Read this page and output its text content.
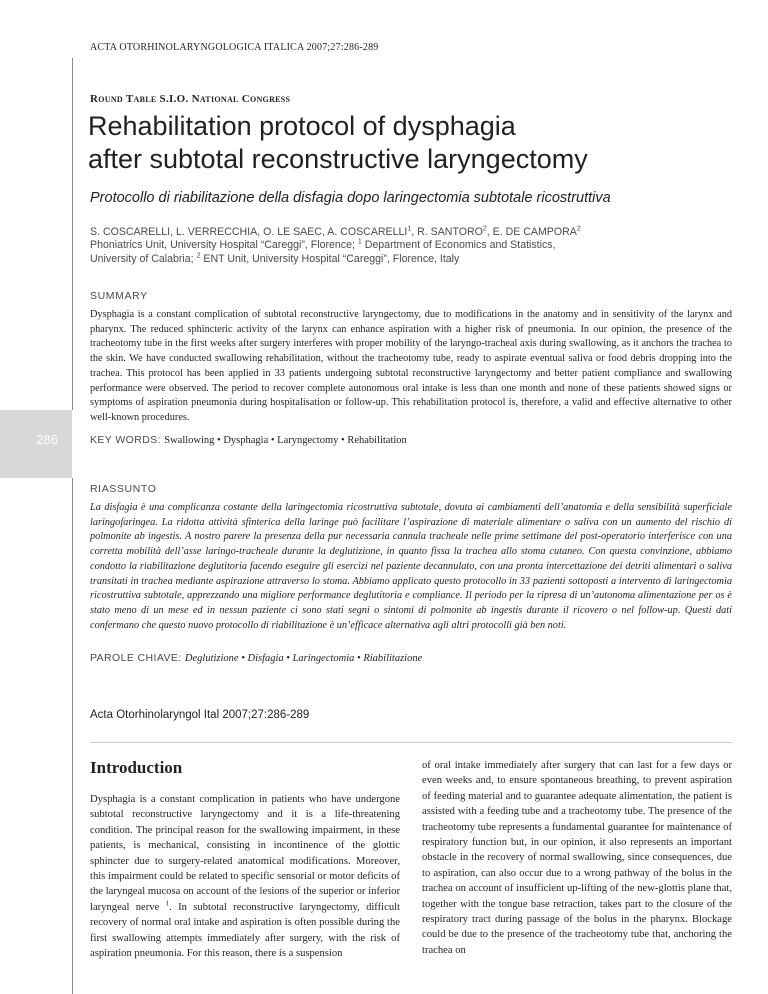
ACTA OTORHINOLARYNGOLOGICA ITALICA 2007;27:286-289
286
Round Table S.I.O. National Congress
Rehabilitation protocol of dysphagia
after subtotal reconstructive laryngectomy
Protocollo di riabilitazione della disfagia dopo laringectomia subtotale ricostruttiva
S. COSCARELLI, L. VERRECCHIA, O. LE SAEC, A. COSCARELLI$^1$, R. SANTORO$^2$, E. DE CAMPORA$^2$
Phoniatrics Unit, University Hospital “Careggi”, Florence; $^1$ Department of Economics and Statistics,
University of Calabria; $^2$ ENT Unit, University Hospital “Careggi”, Florence, Italy
SUMMARY
Dysphagia is a constant complication of subtotal reconstructive laryngectomy, due to modifications in the anatomy and in sensitivity of the larynx and pharynx. The reduced sphincteric activity of the larynx can enhance aspiration with a higher risk of pneumonia. In our opinion, the presence of the tracheotomy tube in the first weeks after surgery interferes with proper mobility of the laryngo-tracheal axis during swallowing, as it anchors the trachea to the skin. We have conducted swallowing rehabilitation, without the tracheotomy tube, ready to aspirate eventual saliva or food debris dropping into the trachea. This protocol has been applied in 33 patients undergoing subtotal reconstructive laryngectomy and better patient compliance and swallowing performance were observed. The period to recover complete autonomous oral intake is less than one month and none of these patients showed signs or symptoms of aspiration pneumonia during hospitalisation or follow-up. This rehabilitation protocol is, therefore, a valid and effective alternative to other well-known procedures.
KEY WORDS: Swallowing • Dysphagia • Laryngectomy • Rehabilitation
RIASSUNTO
La disfagia è una complicanza costante della laringectomia ricostruttiva subtotale, dovuta ai cambiamenti dell’anatomia e della sensibilità superficiale laringofaringea. La ridotta attività sfinterica della laringe può facilitare l’aspirazione di materiale alimentare o saliva con un aumento del rischio di polmonite ab ingestis. A nostro parere la presenza della pur necessaria cannula tracheale nelle prime settimane del post-operatorio interferisce con una corretta mobilità dell’asse laringo-tracheale durante la deglutizione, in quanto fissa la trachea allo stoma cutaneo. Con questa convinzione, abbiamo condotto la riabilitazione deglutitoria facendo eseguire gli esercizi nel paziente decannulato, con una pronta intercettazione dei detriti alimentari o saliva transitati in trachea mediante aspirazione attraverso lo stoma. Abbiamo applicato questo protocollo in 33 pazienti sottoposti a intervento di laringectomia ricostruttiva subtotale, apprezzando una migliore performance deglutitoria e compliance. Il periodo per la ripresa di un’autonoma alimentazione per os è stato meno di un mese ed in nessun paziente ci sono stati segni o sintomi di polmonite ab ingestis durante il ricovero o nel follow-up. Questi dati confermano che questo nuovo protocollo di riabilitazione è un’efficace alternativa agli altri protocolli già ben noti.
PAROLE CHIAVE: Deglutizione • Disfagia • Laringectomia • Riabilitazione
Acta Otorhinolaryngol Ital 2007;27:286-289
Introduction
Dysphagia is a constant complication in patients who have undergone subtotal reconstructive laryngectomy and it is a life-threatening condition. The principal reason for the swallowing impairment, in these patients, is mechanical, consisting in incontinence of the glottic sphincter due to surgery-related anatomical modifications. Moreover, this impairment could be related to specific sensorial or motor deficits of the laryngeal mucosa on account of the lesions of the superior or inferior laryngeal nerve $^1$. In subtotal reconstructive laryngectomy, difficult recovery of normal oral intake and aspiration is often possible during the first swallowing attempts immediately after surgery, with the risk of aspiration pneumonia. For this reason, there is a suspension
of oral intake immediately after surgery that can last for a few days or even weeks and, to ensure spontaneous breathing, to prevent aspiration of feeding material and to guarantee adequate alimentation, the patient is assisted with a feeding tube and a tracheotomy tube. The presence of the tracheotomy tube represents a fundamental guarantee for maintenance of respiratory function but, in our opinion, it also represents an important obstacle in the recovery of normal swallowing, since consequences, due to aspiration, can also occur due to a wrong pathway of the bolus in the trachea on account of insufficient up-lifting of the new-glottis plane that, together with the tongue base retraction, takes part to the closure of the respiratory tract during passage of the bolus in the pharynx. Blockage could be due to the presence of the tracheotomy tube that, anchoring the trachea on
